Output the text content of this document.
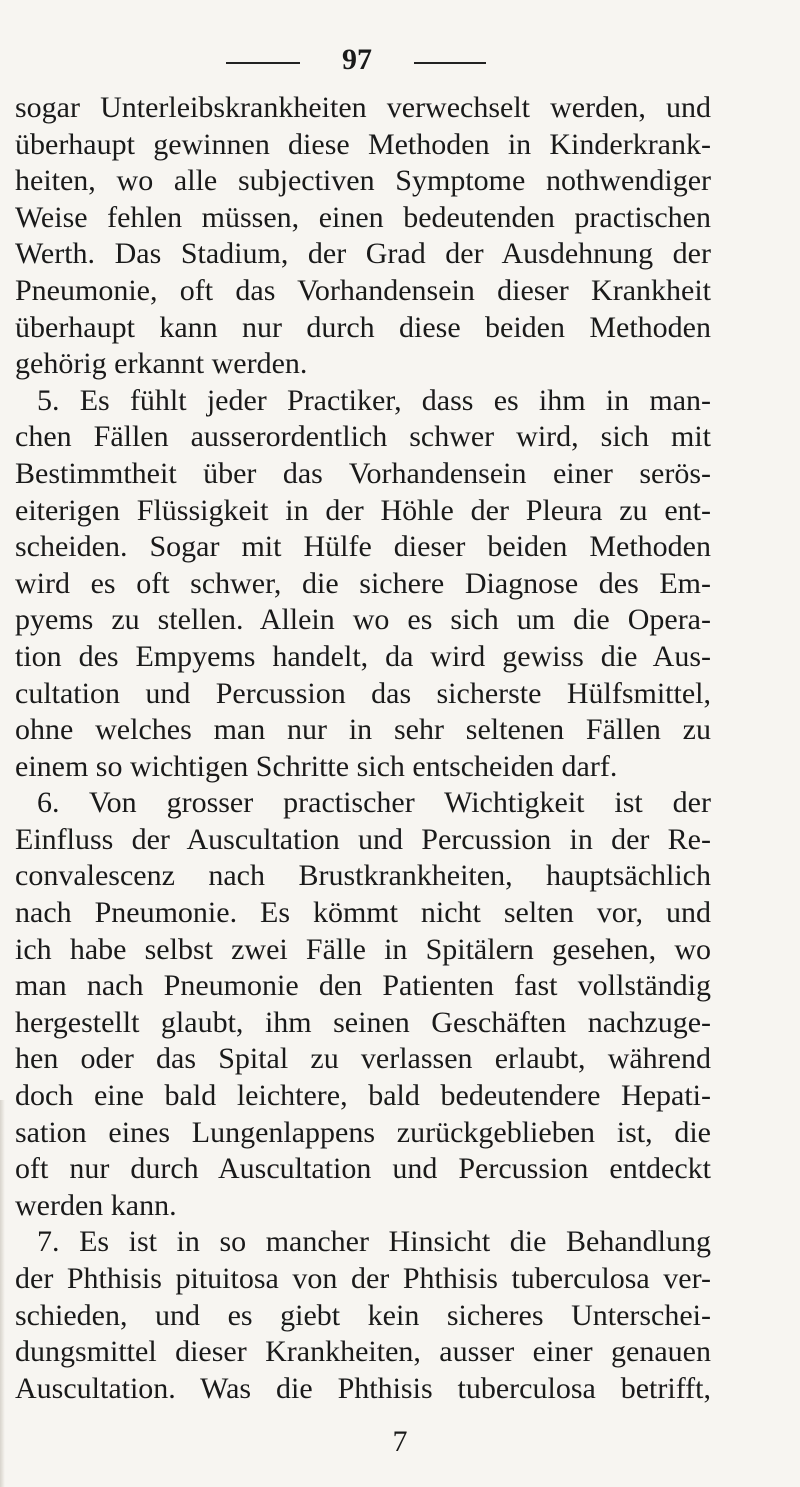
97
sogar Unterleibskrankheiten verwechselt werden, und
überhaupt gewinnen diese Methoden in Kinderkrank-
heiten, wo alle subjectiven Symptome nothwendiger
Weise fehlen müssen, einen bedeutenden practischen
Werth. Das Stadium, der Grad der Ausdehnung der
Pneumonie, oft das Vorhandensein dieser Krankheit
überhaupt kann nur durch diese beiden Methoden
gehörig erkannt werden.
5. Es fühlt jeder Practiker, dass es ihm in man-
chen Fällen ausserordentlich schwer wird, sich mit
Bestimmtheit über das Vorhandensein einer serös-
eiterigen Flüssigkeit in der Höhle der Pleura zu ent-
scheiden. Sogar mit Hülfe dieser beiden Methoden
wird es oft schwer, die sichere Diagnose des Em-
pyems zu stellen. Allein wo es sich um die Opera-
tion des Empyems handelt, da wird gewiss die Aus-
cultation und Percussion das sicherste Hülfsmittel,
ohne welches man nur in sehr seltenen Fällen zu
einem so wichtigen Schritte sich entscheiden darf.
6. Von grosser practischer Wichtigkeit ist der
Einfluss der Auscultation und Percussion in der Re-
convalescenz nach Brustkrankheiten, hauptsächlich
nach Pneumonie. Es kömmt nicht selten vor, und
ich habe selbst zwei Fälle in Spitälern gesehen, wo
man nach Pneumonie den Patienten fast vollständig
hergestellt glaubt, ihm seinen Geschäften nachzuge-
hen oder das Spital zu verlassen erlaubt, während
doch eine bald leichtere, bald bedeutendere Hepati-
sation eines Lungenlappens zurückgeblieben ist, die
oft nur durch Auscultation und Percussion entdeckt
werden kann.
7. Es ist in so mancher Hinsicht die Behandlung
der Phthisis pituitosa von der Phthisis tuberculosa ver-
schieden, und es giebt kein sicheres Unterschei-
dungsmittel dieser Krankheiten, ausser einer genauen
Auscultation. Was die Phthisis tuberculosa betrifft,
7
